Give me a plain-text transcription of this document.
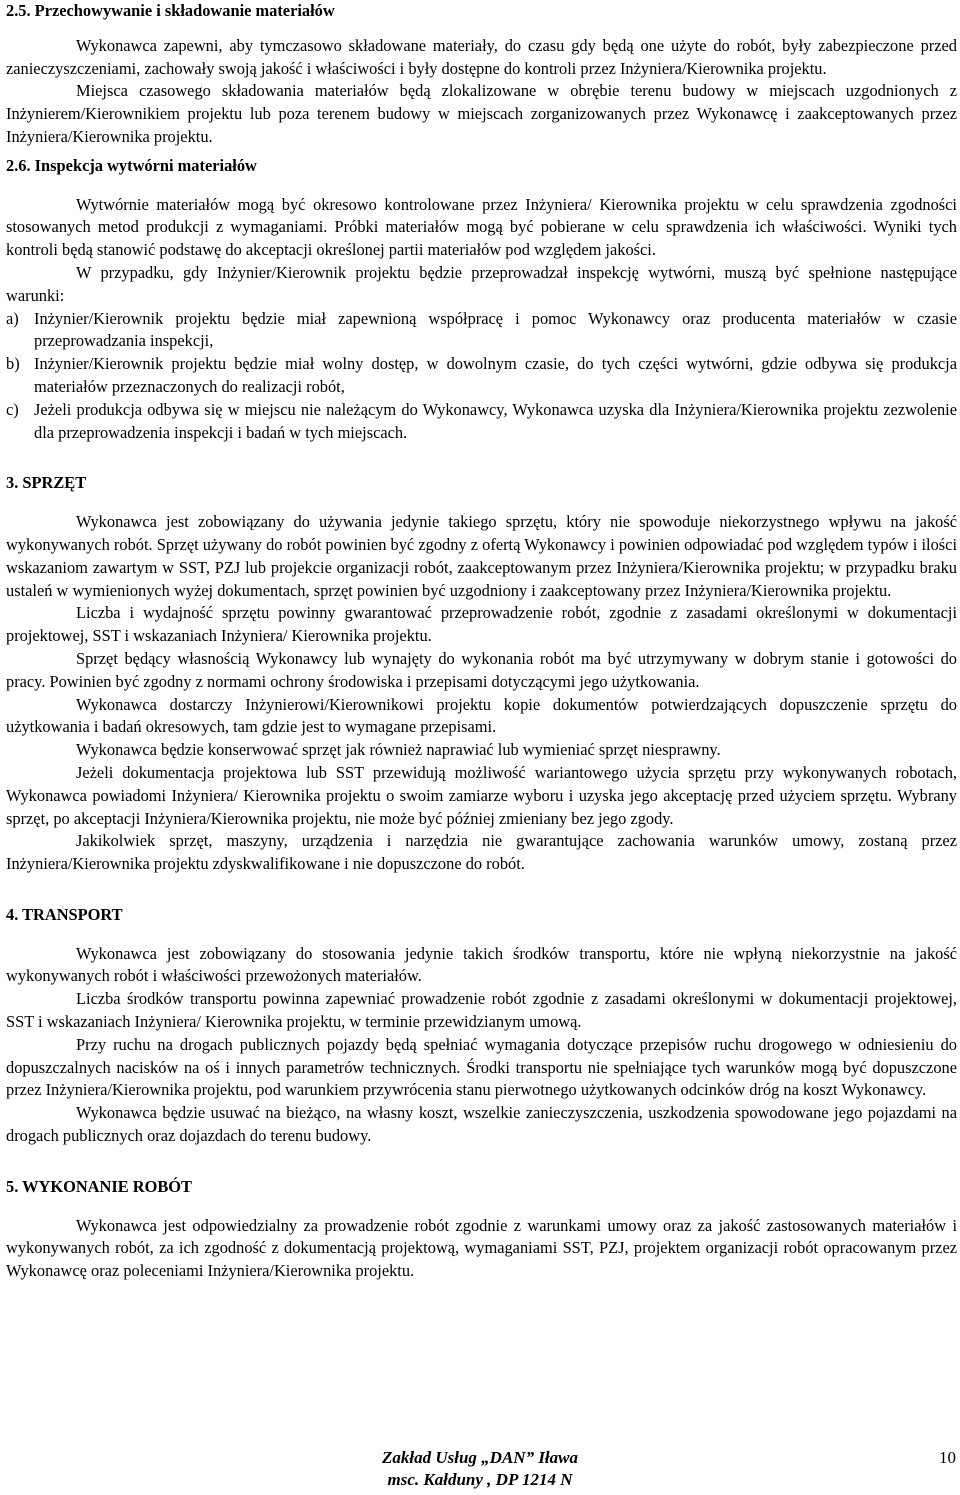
2.5. Przechowywanie i składowanie materiałów

Wykonawca zapewni, aby tymczasowo składowane materiały, do czasu gdy będą one użyte do robót, były zabezpieczone przed zanieczyszczeniami, zachowały swoją jakość i właściwości i były dostępne do kontroli przez Inżyniera/Kierownika projektu.

Miejsca czasowego składowania materiałów będą zlokalizowane w obrębie terenu budowy w miejscach uzgodnionych z Inżynierem/Kierownikiem projektu lub poza terenem budowy w miejscach zorganizowanych przez Wykonawcę i zaakceptowanych przez Inżyniera/Kierownika projektu.

2.6. Inspekcja wytwórni materiałów

Wytwórnie materiałów mogą być okresowo kontrolowane przez Inżyniera/ Kierownika projektu w celu sprawdzenia zgodności stosowanych metod produkcji z wymaganiami. Próbki materiałów mogą być pobierane w celu sprawdzenia ich właściwości. Wyniki tych kontroli będą stanowić podstawę do akceptacji określonej partii materiałów pod względem jakości.

W przypadku, gdy Inżynier/Kierownik projektu będzie przeprowadzał inspekcję wytwórni, muszą być spełnione następujące warunki:

a) Inżynier/Kierownik projektu będzie miał zapewnioną współpracę i pomoc Wykonawcy oraz producenta materiałów w czasie przeprowadzania inspekcji,
b) Inżynier/Kierownik projektu będzie miał wolny dostęp, w dowolnym czasie, do tych części wytwórni, gdzie odbywa się produkcja materiałów przeznaczonych do realizacji robót,
c) Jeżeli produkcja odbywa się w miejscu nie należącym do Wykonawcy, Wykonawca uzyska dla Inżyniera/Kierownika projektu zezwolenie dla przeprowadzenia inspekcji i badań w tych miejscach.
3. SPRZĘT

Wykonawca jest zobowiązany do używania jedynie takiego sprzętu, który nie spowoduje niekorzystnego wpływu na jakość wykonywanych robót. Sprzęt używany do robót powinien być zgodny z ofertą Wykonawcy i powinien odpowiadać pod względem typów i ilości wskazaniom zawartym w SST, PZJ lub projekcie organizacji robót, zaakceptowanym przez Inżyniera/Kierownika projektu; w przypadku braku ustaleń w wymienionych wyżej dokumentach, sprzęt powinien być uzgodniony i zaakceptowany przez Inżyniera/Kierownika projektu.

Liczba i wydajność sprzętu powinny gwarantować przeprowadzenie robót, zgodnie z zasadami określonymi w dokumentacji projektowej, SST i wskazaniach Inżyniera/ Kierownika projektu.

Sprzęt będący własnością Wykonawcy lub wynajęty do wykonania robót ma być utrzymywany w dobrym stanie i gotowości do pracy. Powinien być zgodny z normami ochrony środowiska i przepisami dotyczącymi jego użytkowania.

Wykonawca dostarczy Inżynierowi/Kierownikowi projektu kopie dokumentów potwierdzających dopuszczenie sprzętu do użytkowania i badań okresowych, tam gdzie jest to wymagane przepisami.

Wykonawca będzie konserwować sprzęt jak również naprawiać lub wymieniać sprzęt niesprawny.

Jeżeli dokumentacja projektowa lub SST przewidują możliwość wariantowego użycia sprzętu przy wykonywanych robotach, Wykonawca powiadomi Inżyniera/ Kierownika projektu o swoim zamiarze wyboru i uzyska jego akceptację przed użyciem sprzętu. Wybrany sprzęt, po akceptacji Inżyniera/Kierownika projektu, nie może być później zmieniany bez jego zgody.

Jakikolwiek sprzęt, maszyny, urządzenia i narzędzia nie gwarantujące zachowania warunków umowy, zostaną przez Inżyniera/Kierownika projektu zdyskwalifikowane i nie dopuszczone do robót.

4. TRANSPORT

Wykonawca jest zobowiązany do stosowania jedynie takich środków transportu, które nie wpłyną niekorzystnie na jakość wykonywanych robót i właściwości przewożonych materiałów.

Liczba środków transportu powinna zapewniać prowadzenie robót zgodnie z zasadami określonymi w dokumentacji projektowej, SST i wskazaniach Inżyniera/ Kierownika projektu, w terminie przewidzianym umową.

Przy ruchu na drogach publicznych pojazdy będą spełniać wymagania dotyczące przepisów ruchu drogowego w odniesieniu do dopuszczalnych nacisków na oś i innych parametrów technicznych. Środki transportu nie spełniające tych warunków mogą być dopuszczone przez Inżyniera/Kierownika projektu, pod warunkiem przywrócenia stanu pierwotnego użytkowanych odcinków dróg na koszt Wykonawcy.

Wykonawca będzie usuwać na bieżąco, na własny koszt, wszelkie zanieczyszczenia, uszkodzenia spowodowane jego pojazdami na drogach publicznych oraz dojazdach do terenu budowy.

5. WYKONANIE ROBÓT

Wykonawca jest odpowiedzialny za prowadzenie robót zgodnie z warunkami umowy oraz za jakość zastosowanych materiałów i wykonywanych robót, za ich zgodność z dokumentacją projektową, wymaganiami SST, PZJ, projektem organizacji robót opracowanym przez Wykonawcę oraz poleceniami Inżyniera/Kierownika projektu.

Zakład Usług „DAN” Iława
msc. Kałduny , DP 1214 N
10
